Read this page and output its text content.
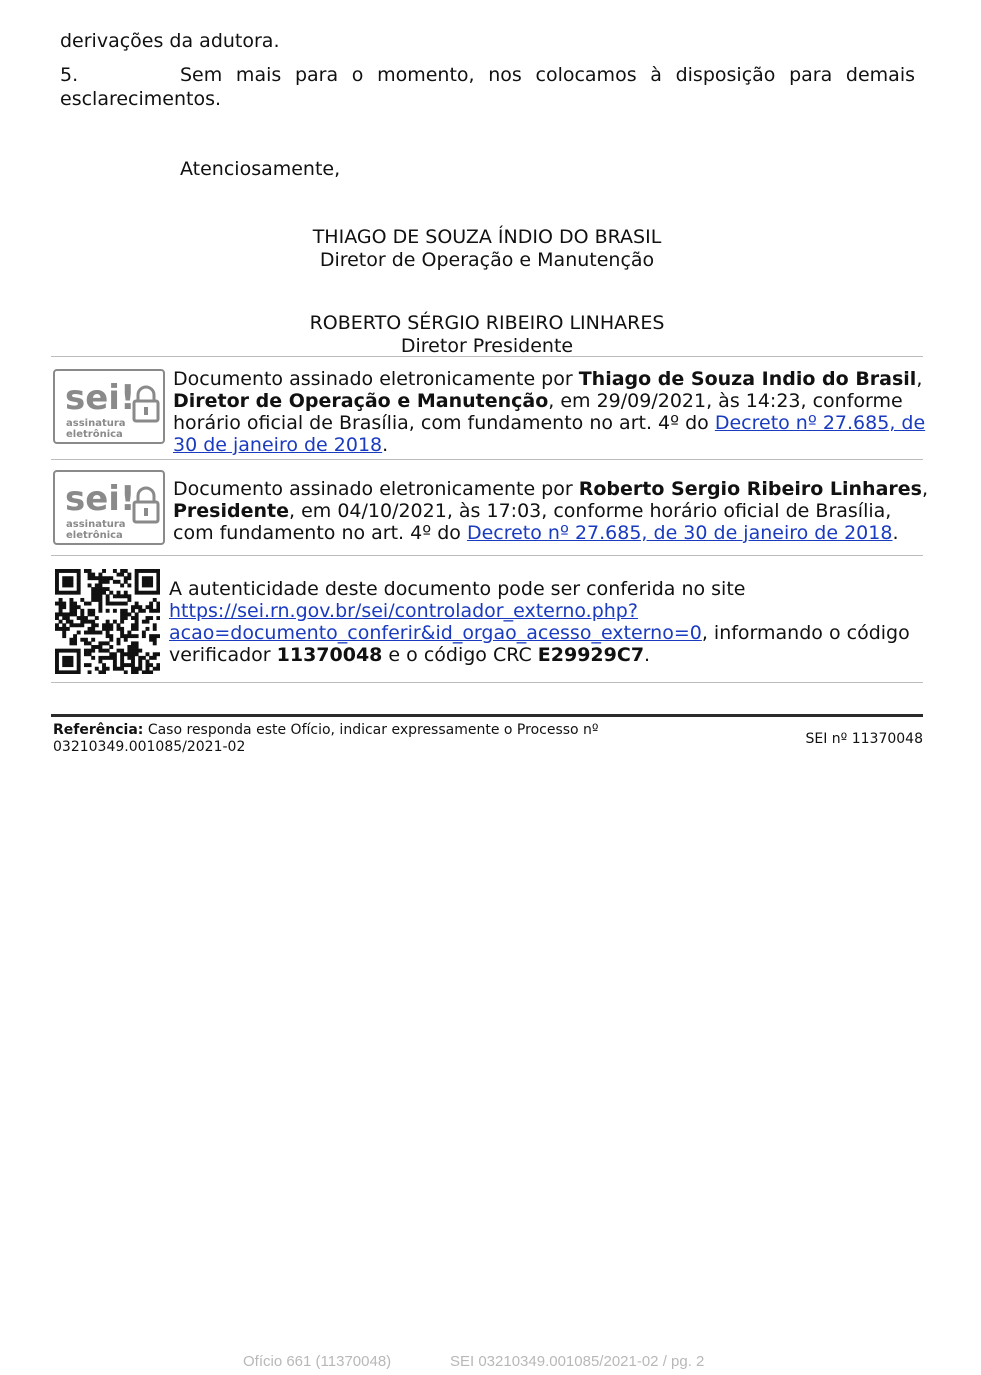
derivações da adutora.
5.	Sem mais para o momento, nos colocamos à disposição para demais
esclarecimentos.
Atenciosamente,
THIAGO DE SOUZA ÍNDIO DO BRASIL
Diretor de Operação e Manutenção
ROBERTO SÉRGIO RIBEIRO LINHARES
Diretor Presidente
sei!
assinatura
eletrônica
Documento assinado eletronicamente por Thiago de Souza Indio do Brasil,
Diretor de Operação e Manutenção, em 29/09/2021, às 14:23, conforme
horário oficial de Brasília, com fundamento no art. 4º do Decreto nº 27.685, de
30 de janeiro de 2018.
sei!
assinatura
eletrônica
Documento assinado eletronicamente por Roberto Sergio Ribeiro Linhares,
Presidente, em 04/10/2021, às 17:03, conforme horário oficial de Brasília,
com fundamento no art. 4º do Decreto nº 27.685, de 30 de janeiro de 2018.
A autenticidade deste documento pode ser conferida no site
https://sei.rn.gov.br/sei/controlador_externo.php?
acao=documento_conferir&id_orgao_acesso_externo=0, informando o código
verificador 11370048 e o código CRC E29929C7.
Referência: Caso responda este Ofício, indicar expressamente o Processo nº
03210349.001085/2021-02	SEI nº 11370048
Ofício 661 (11370048)	SEI 03210349.001085/2021-02 / pg. 2
